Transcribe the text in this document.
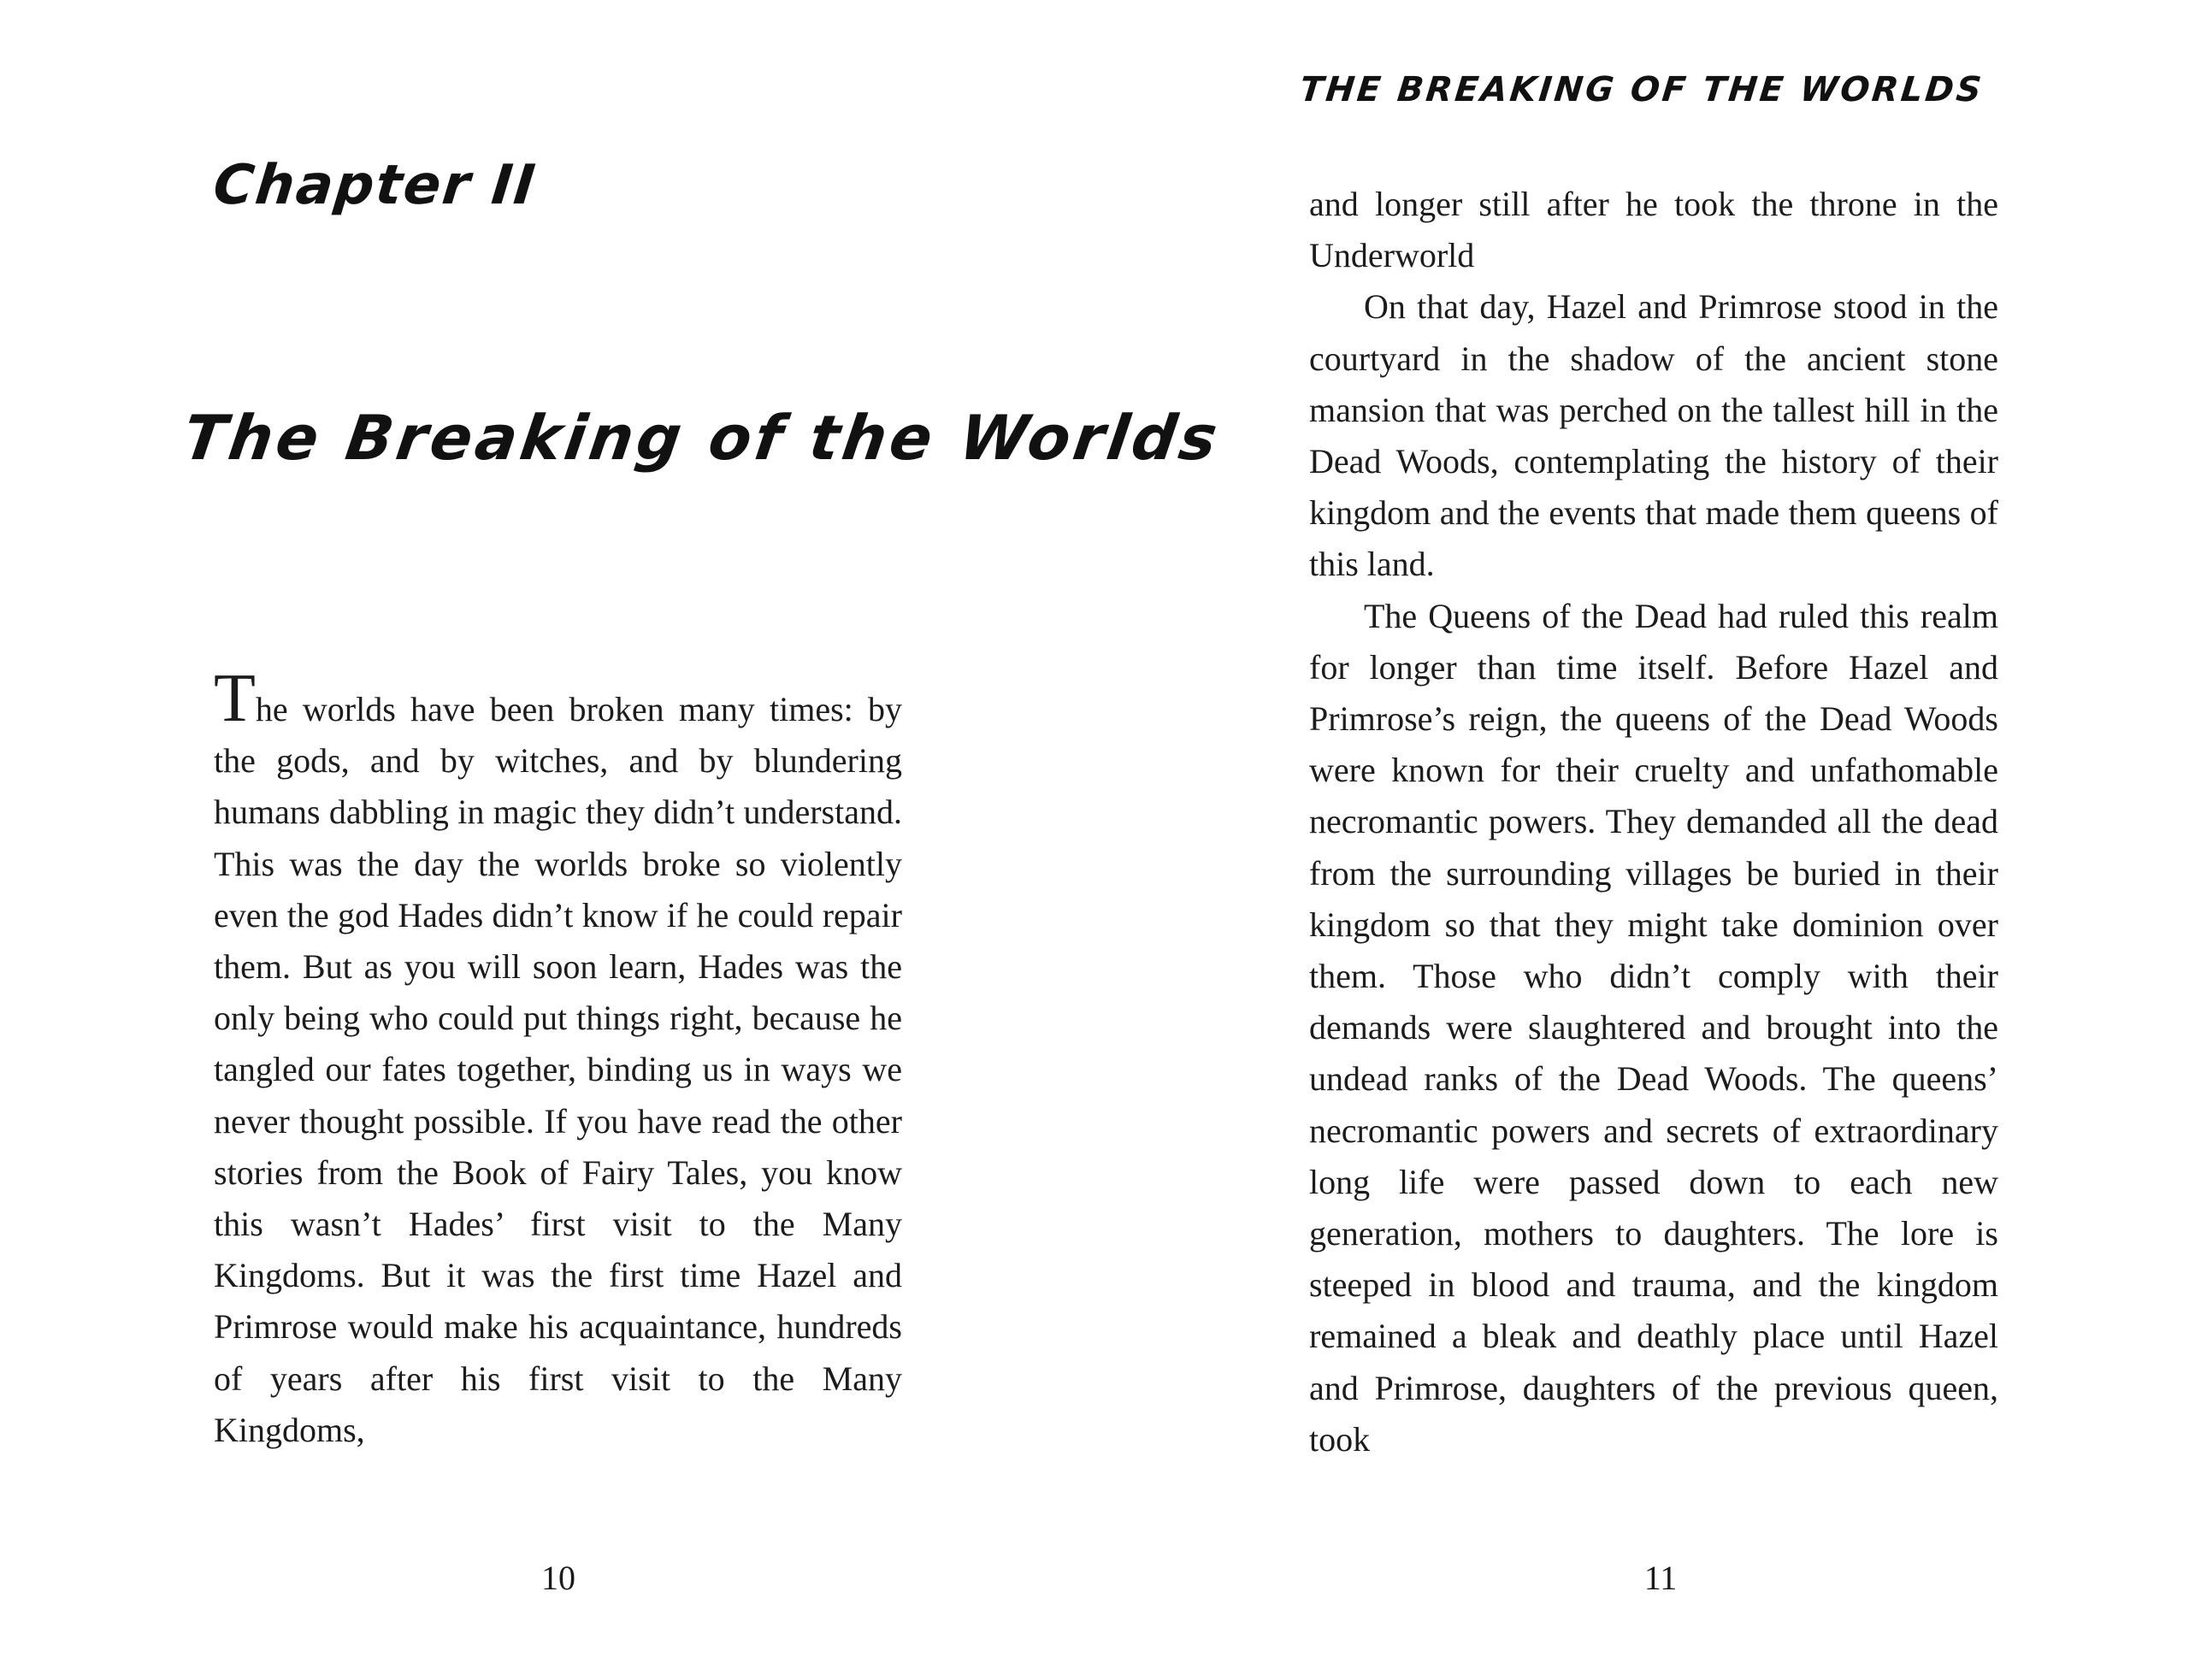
Chapter II
The Breaking of the Worlds

The worlds have been broken many times: by the gods, and by witches, and by blundering humans dabbling in magic they didn’t understand. This was the day the worlds broke so violently even the god Hades didn’t know if he could repair them. But as you will soon learn, Hades was the only being who could put things right, because he tangled our fates together, binding us in ways we never thought possible. If you have read the other stories from the Book of Fairy Tales, you know this wasn’t Hades’ first visit to the Many Kingdoms. But it was the first time Hazel and Primrose would make his acquaintance, hundreds of years after his first visit to the Many Kingdoms,

10
THE BREAKING OF THE WORLDS

and longer still after he took the throne in the Underworld

On that day, Hazel and Primrose stood in the courtyard in the shadow of the ancient stone mansion that was perched on the tallest hill in the Dead Woods, contemplating the history of their kingdom and the events that made them queens of this land.

The Queens of the Dead had ruled this realm for longer than time itself. Before Hazel and Primrose’s reign, the queens of the Dead Woods were known for their cruelty and unfathomable necromantic powers. They demanded all the dead from the surrounding villages be buried in their kingdom so that they might take dominion over them. Those who didn’t comply with their demands were slaughtered and brought into the undead ranks of the Dead Woods. The queens’ necromantic powers and secrets of extraordinary long life were passed down to each new generation, mothers to daughters. The lore is steeped in blood and trauma, and the kingdom remained a bleak and deathly place until Hazel and Primrose, daughters of the previous queen, took

11
